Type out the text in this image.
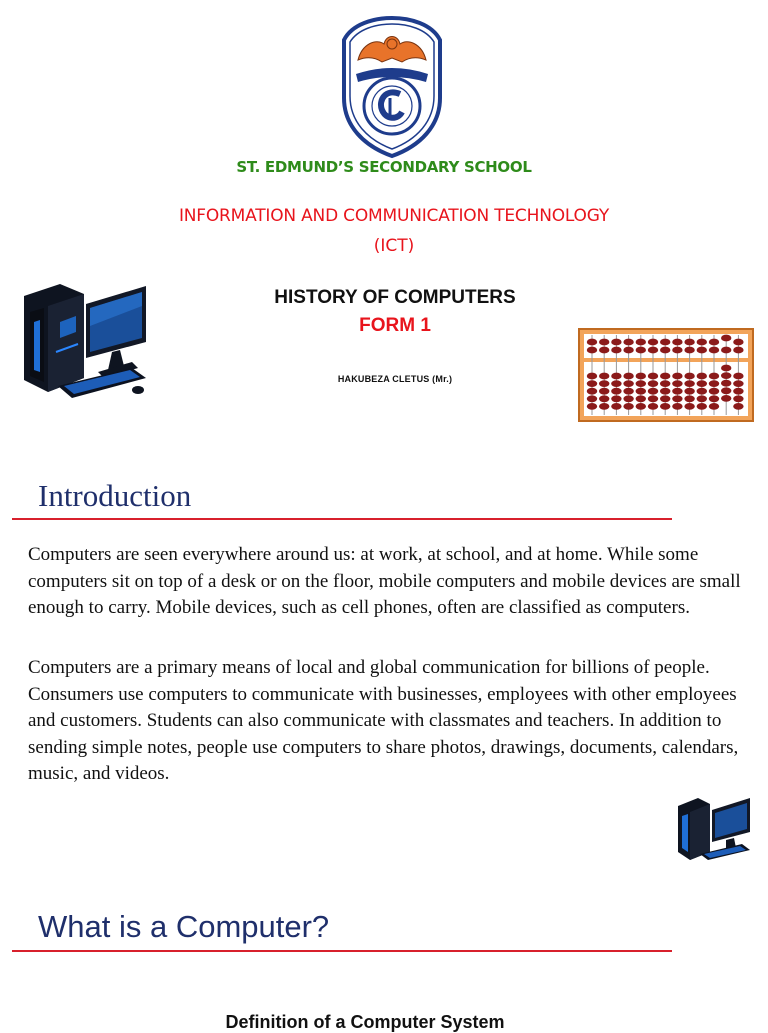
ST. EDMUND’S SECONDARY SCHOOL
INFORMATION AND COMMUNICATION TECHNOLOGY
(ICT)
HISTORY OF COMPUTERS
FORM 1
HAKUBEZA CLETUS (Mr.)
Introduction
Computers are seen everywhere around us: at work, at school, and at home. While some computers sit on top of a desk or on the floor, mobile computers and mobile devices are small enough to carry. Mobile devices, such as cell phones, often are classified as computers.
Computers are a primary means of local and global communication for billions of people. Consumers use computers to communicate with businesses, employees with other employees and customers. Students can also communicate with classmates and teachers. In addition to sending simple notes, people use computers to share photos, drawings, documents, calendars, music, and videos.
What is a Computer?
Definition of a Computer System
